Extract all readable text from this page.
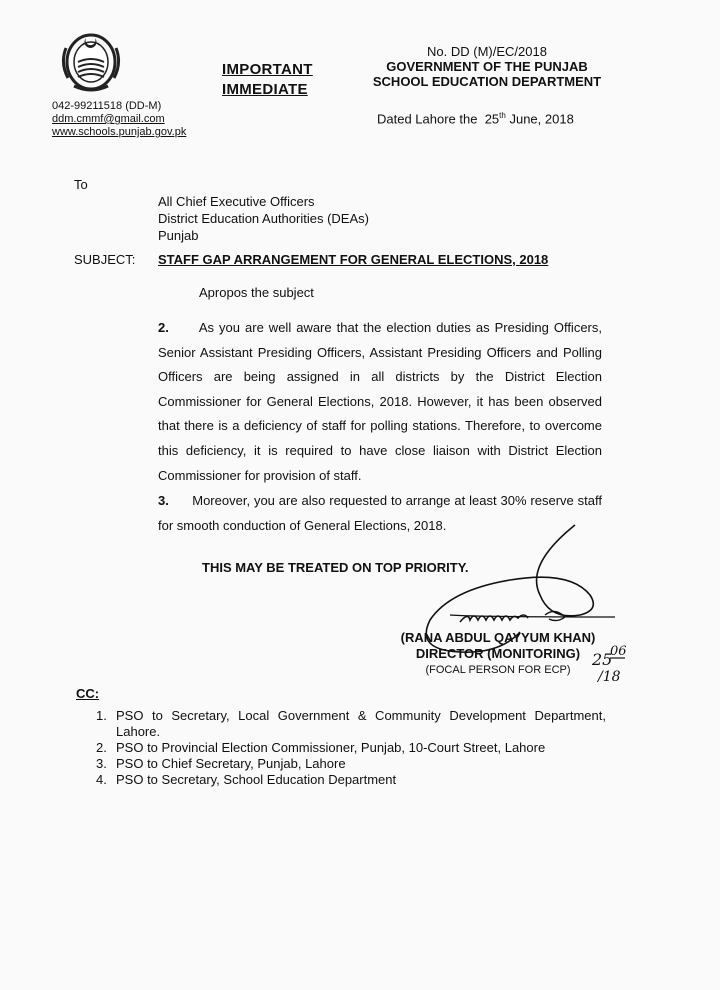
042-99211518 (DD-M)
ddm.cmmf@gmail.com
www.schools.punjab.gov.pk
IMPORTANT
IMMEDIATE
No. DD (M)/EC/2018
GOVERNMENT OF THE PUNJAB
SCHOOL EDUCATION DEPARTMENT
Dated Lahore the 25th June, 2018
To
All Chief Executive Officers
District Education Authorities (DEAs)
Punjab
SUBJECT: STAFF GAP ARRANGEMENT FOR GENERAL ELECTIONS, 2018
Apropos the subject
2. As you are well aware that the election duties as Presiding Officers, Senior Assistant Presiding Officers, Assistant Presiding Officers and Polling Officers are being assigned in all districts by the District Election Commissioner for General Elections, 2018. However, it has been observed that there is a deficiency of staff for polling stations. Therefore, to overcome this deficiency, it is required to have close liaison with District Election Commissioner for provision of staff.
3. Moreover, you are also requested to arrange at least 30% reserve staff for smooth conduction of General Elections, 2018.
THIS MAY BE TREATED ON TOP PRIORITY.
25
06
/18
(RANA ABDUL QAYYUM KHAN)
DIRECTOR (MONITORING)
(FOCAL PERSON FOR ECP)
CC:
1. PSO to Secretary, Local Government & Community Development Department, Lahore.
2. PSO to Provincial Election Commissioner, Punjab, 10-Court Street, Lahore
3. PSO to Chief Secretary, Punjab, Lahore
4. PSO to Secretary, School Education Department
